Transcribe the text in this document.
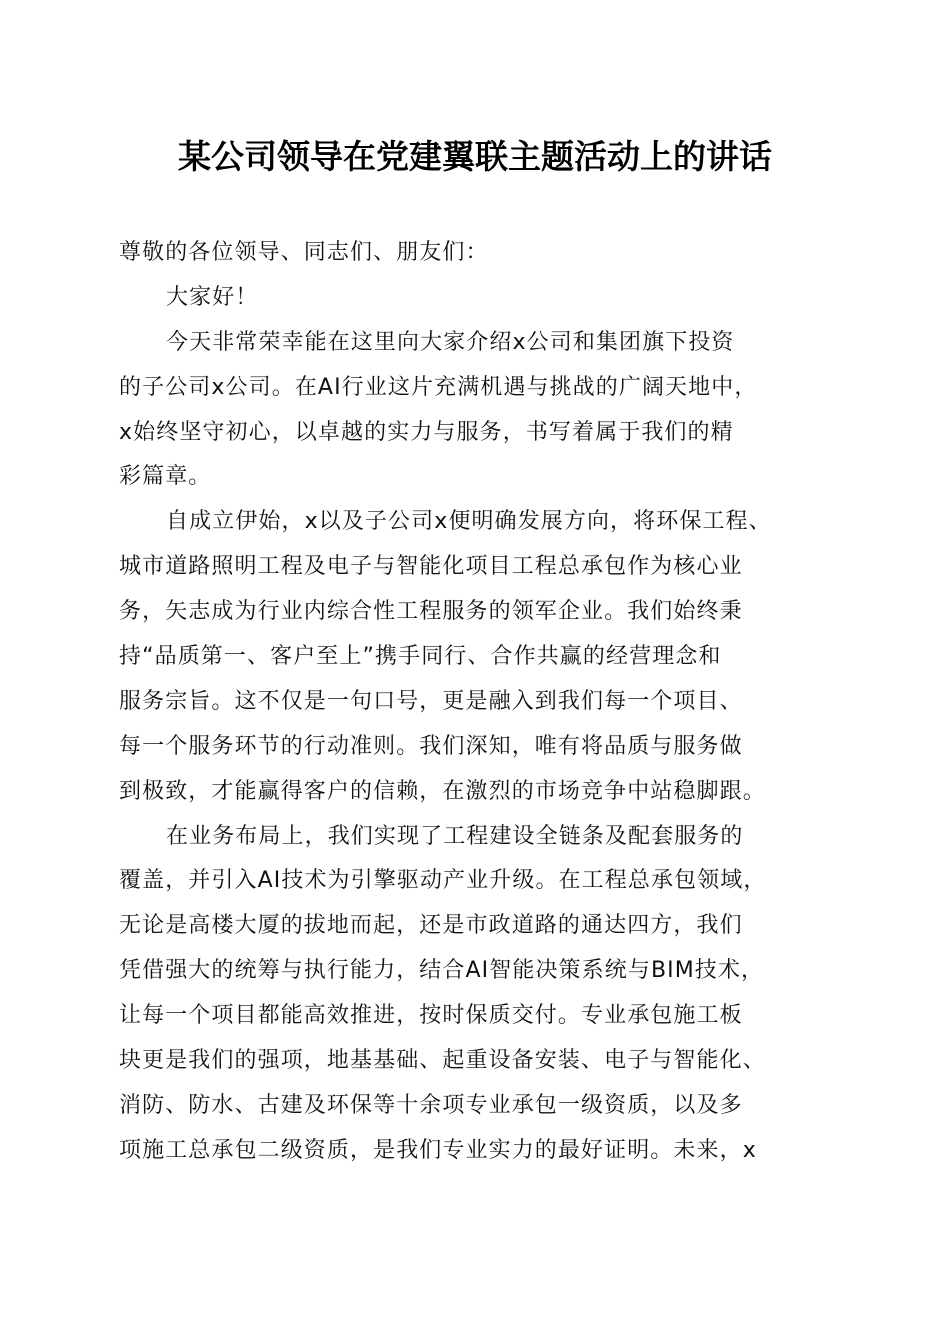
某公司领导在党建翼联主题活动上的讲话
尊敬的各位领导、同志们、朋友们：
大家好！
今天非常荣幸能在这里向大家介绍x公司和集团旗下投资
的子公司x公司。在AI行业这片充满机遇与挑战的广阔天地中，
x始终坚守初心，以卓越的实力与服务，书写着属于我们的精
彩篇章。
自成立伊始，x以及子公司x便明确发展方向，将环保工程、
城市道路照明工程及电子与智能化项目工程总承包作为核心业
务，矢志成为行业内综合性工程服务的领军企业。我们始终秉
持“品质第一、客户至上”携手同行、合作共赢的经营理念和
服务宗旨。这不仅是一句口号，更是融入到我们每一个项目、
每一个服务环节的行动准则。我们深知，唯有将品质与服务做
到极致，才能赢得客户的信赖，在激烈的市场竞争中站稳脚跟。
在业务布局上，我们实现了工程建设全链条及配套服务的
覆盖，并引入AI技术为引擎驱动产业升级。在工程总承包领域，
无论是高楼大厦的拔地而起，还是市政道路的通达四方，我们
凭借强大的统筹与执行能力，结合AI智能决策系统与BIM技术，
让每一个项目都能高效推进，按时保质交付。专业承包施工板
块更是我们的强项，地基基础、起重设备安装、电子与智能化、
消防、防水、古建及环保等十余项专业承包一级资质，以及多
项施工总承包二级资质，是我们专业实力的最好证明。未来，x
